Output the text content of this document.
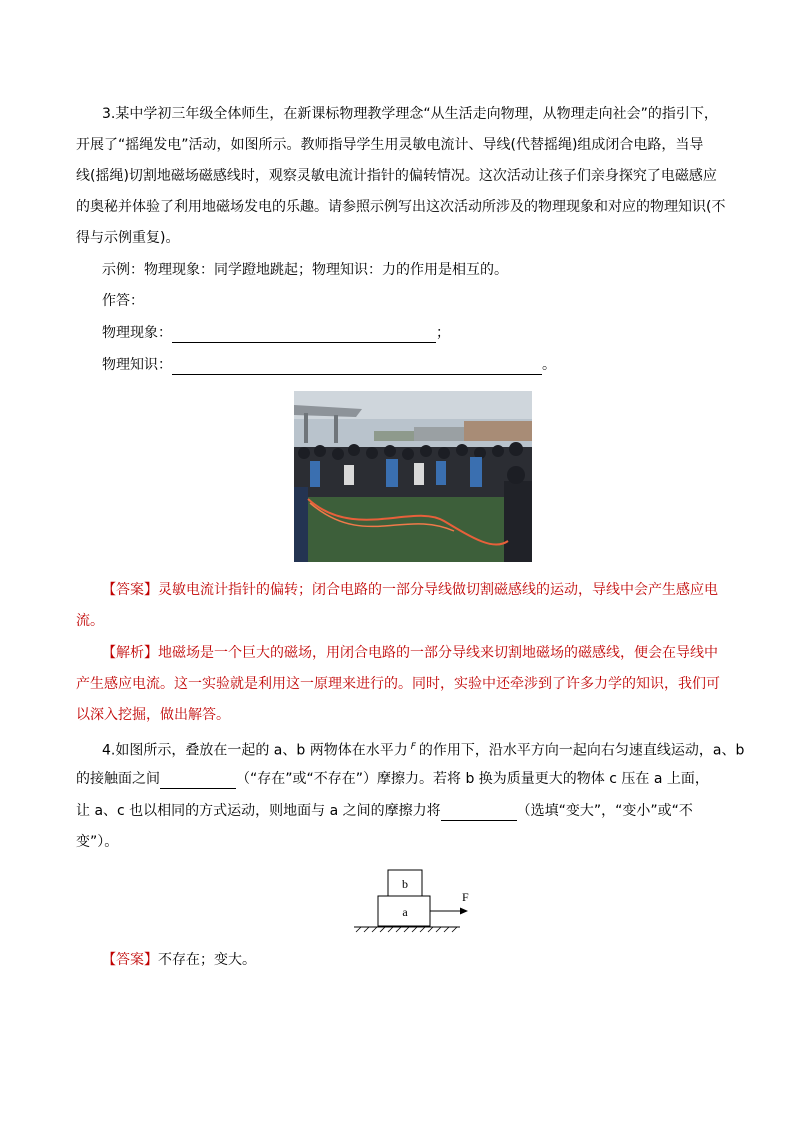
3.某中学初三年级全体师生，在新课标物理教学理念“从生活走向物理，从物理走向社会”的指引下，
开展了“摇绳发电”活动，如图所示。教师指导学生用灵敏电流计、导线(代替摇绳)组成闭合电路，当导
线(摇绳)切割地磁场磁感线时，观察灵敏电流计指针的偏转情况。这次活动让孩子们亲身探究了电磁感应
的奥秘并体验了利用地磁场发电的乐趣。请参照示例写出这次活动所涉及的物理现象和对应的物理知识(不
得与示例重复)。
示例：物理现象：同学蹬地跳起；物理知识：力的作用是相互的。
作答：
物理现象：	；
物理知识：	。
【答案】灵敏电流计指针的偏转；闭合电路的一部分导线做切割磁感线的运动，导线中会产生感应电
流。
【解析】地磁场是一个巨大的磁场，用闭合电路的一部分导线来切割地磁场的磁感线，便会在导线中
产生感应电流。这一实验就是利用这一原理来进行的。同时，实验中还牵涉到了许多力学的知识，我们可
以深入挖掘，做出解答。
4.如图所示，叠放在一起的 a、b 两物体在水平力 $^F$ 的作用下，沿水平方向一起向右匀速直线运动，a、b
的接触面之间	（“存在”或“不存在”）摩擦力。若将 b 换为质量更大的物体 c 压在 a 上面，
让 a、c 也以相同的方式运动，则地面与 a 之间的摩擦力将	（选填“变大”，“变小”或“不
变”）。
b
a
F
【答案】不存在；变大。
